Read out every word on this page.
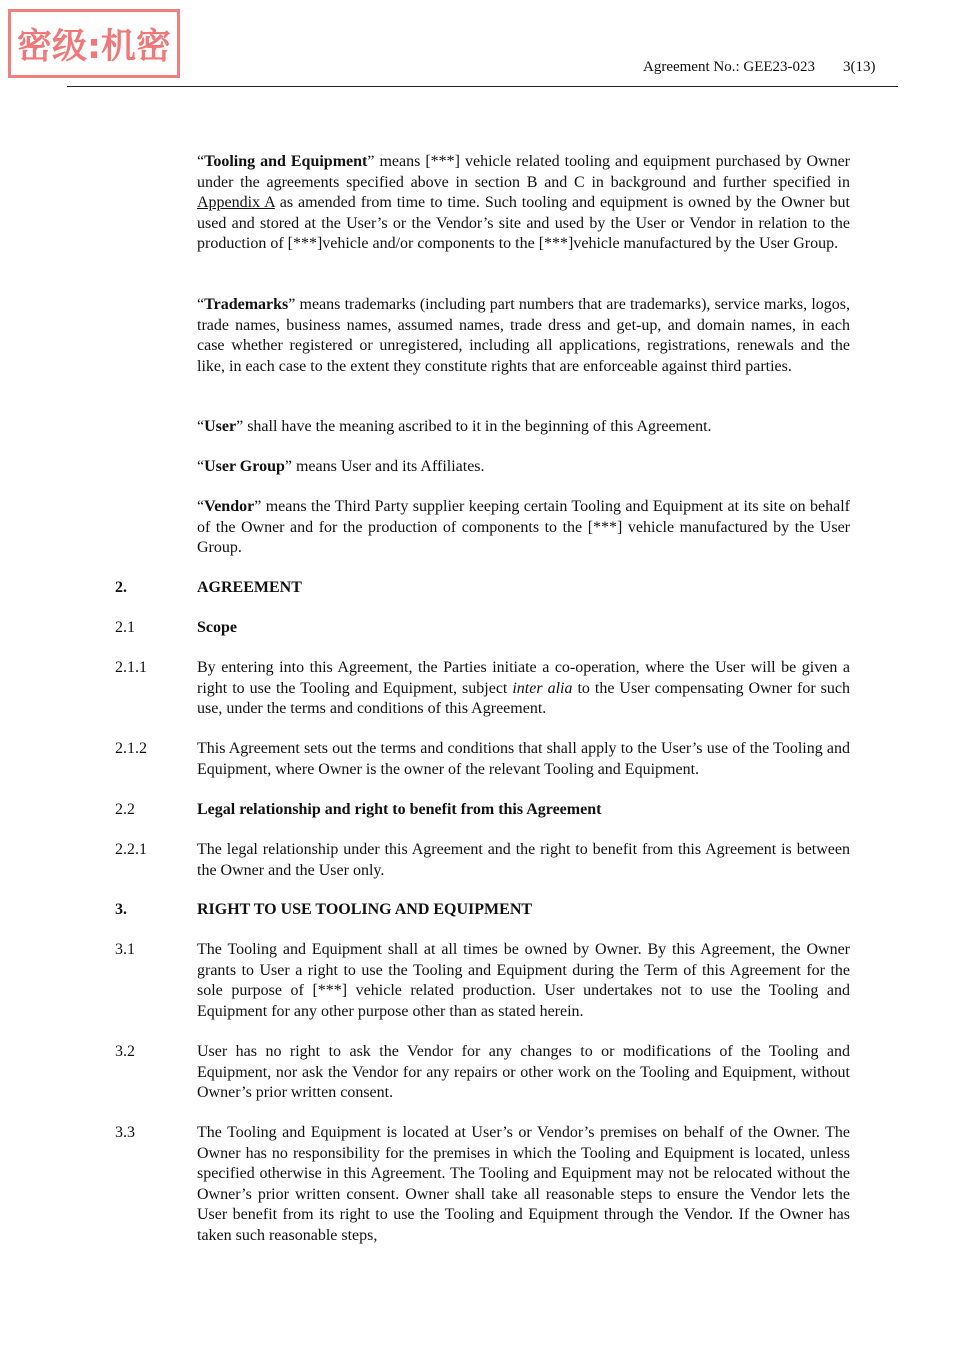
密级:机密
Agreement No.: GEE23-023 3(13)
“Tooling and Equipment” means [***] vehicle related tooling and equipment purchased by Owner under the agreements specified above in section B and C in background and further specified in Appendix A as amended from time to time. Such tooling and equipment is owned by the Owner but used and stored at the User’s or the Vendor’s site and used by the User or Vendor in relation to the production of [***]vehicle and/or components to the [***]vehicle manufactured by the User Group.
“Trademarks” means trademarks (including part numbers that are trademarks), service marks, logos, trade names, business names, assumed names, trade dress and get-up, and domain names, in each case whether registered or unregistered, including all applications, registrations, renewals and the like, in each case to the extent they constitute rights that are enforceable against third parties.
“User” shall have the meaning ascribed to it in the beginning of this Agreement.
“User Group” means User and its Affiliates.
“Vendor” means the Third Party supplier keeping certain Tooling and Equipment at its site on behalf of the Owner and for the production of components to the [***] vehicle manufactured by the User Group.
2.	AGREEMENT
2.1	Scope
2.1.1	By entering into this Agreement, the Parties initiate a co-operation, where the User will be given a right to use the Tooling and Equipment, subject inter alia to the User compensating Owner for such use, under the terms and conditions of this Agreement.
2.1.2	This Agreement sets out the terms and conditions that shall apply to the User’s use of the Tooling and Equipment, where Owner is the owner of the relevant Tooling and Equipment.
2.2	Legal relationship and right to benefit from this Agreement
2.2.1	The legal relationship under this Agreement and the right to benefit from this Agreement is between the Owner and the User only.
3.	RIGHT TO USE TOOLING AND EQUIPMENT
3.1	The Tooling and Equipment shall at all times be owned by Owner. By this Agreement, the Owner grants to User a right to use the Tooling and Equipment during the Term of this Agreement for the sole purpose of [***] vehicle related production. User undertakes not to use the Tooling and Equipment for any other purpose other than as stated herein.
3.2	User has no right to ask the Vendor for any changes to or modifications of the Tooling and Equipment, nor ask the Vendor for any repairs or other work on the Tooling and Equipment, without Owner’s prior written consent.
3.3	The Tooling and Equipment is located at User’s or Vendor’s premises on behalf of the Owner. The Owner has no responsibility for the premises in which the Tooling and Equipment is located, unless specified otherwise in this Agreement. The Tooling and Equipment may not be relocated without the Owner’s prior written consent. Owner shall take all reasonable steps to ensure the Vendor lets the User benefit from its right to use the Tooling and Equipment through the Vendor. If the Owner has taken such reasonable steps,
